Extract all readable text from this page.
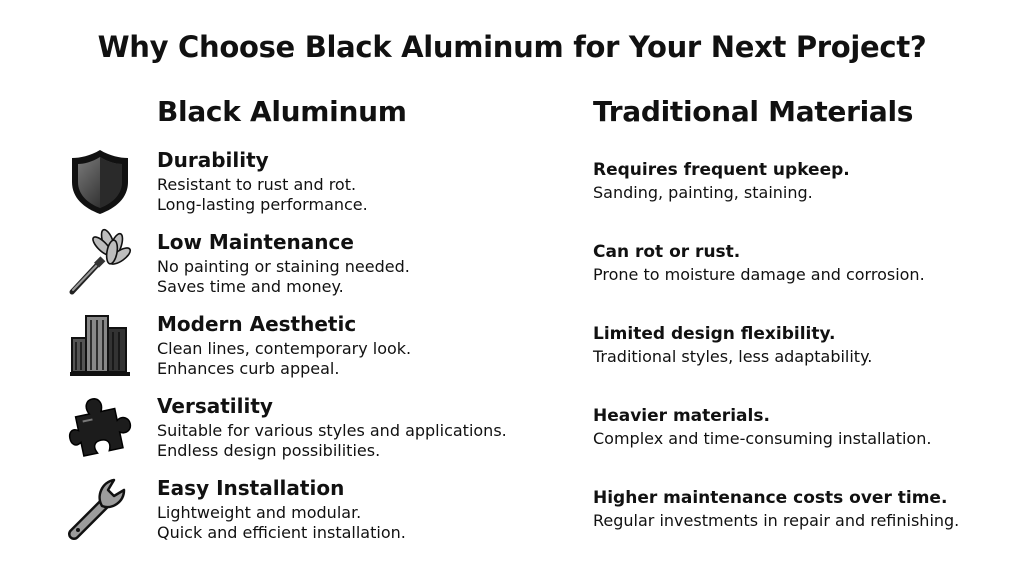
Why Choose Black Aluminum for Your Next Project?
Black Aluminum	Traditional Materials
Durability
Resistant to rust and rot.
Long-lasting performance.
Low Maintenance
No painting or staining needed.
Saves time and money.
Modern Aesthetic
Clean lines, contemporary look.
Enhances curb appeal.
Versatility
Suitable for various styles and applications.
Endless design possibilities.
Easy Installation
Lightweight and modular.
Quick and efficient installation.
Requires frequent upkeep.
Sanding, painting, staining.
Can rot or rust.
Prone to moisture damage and corrosion.
Limited design flexibility.
Traditional styles, less adaptability.
Heavier materials.
Complex and time-consuming installation.
Higher maintenance costs over time.
Regular investments in repair and refinishing.
